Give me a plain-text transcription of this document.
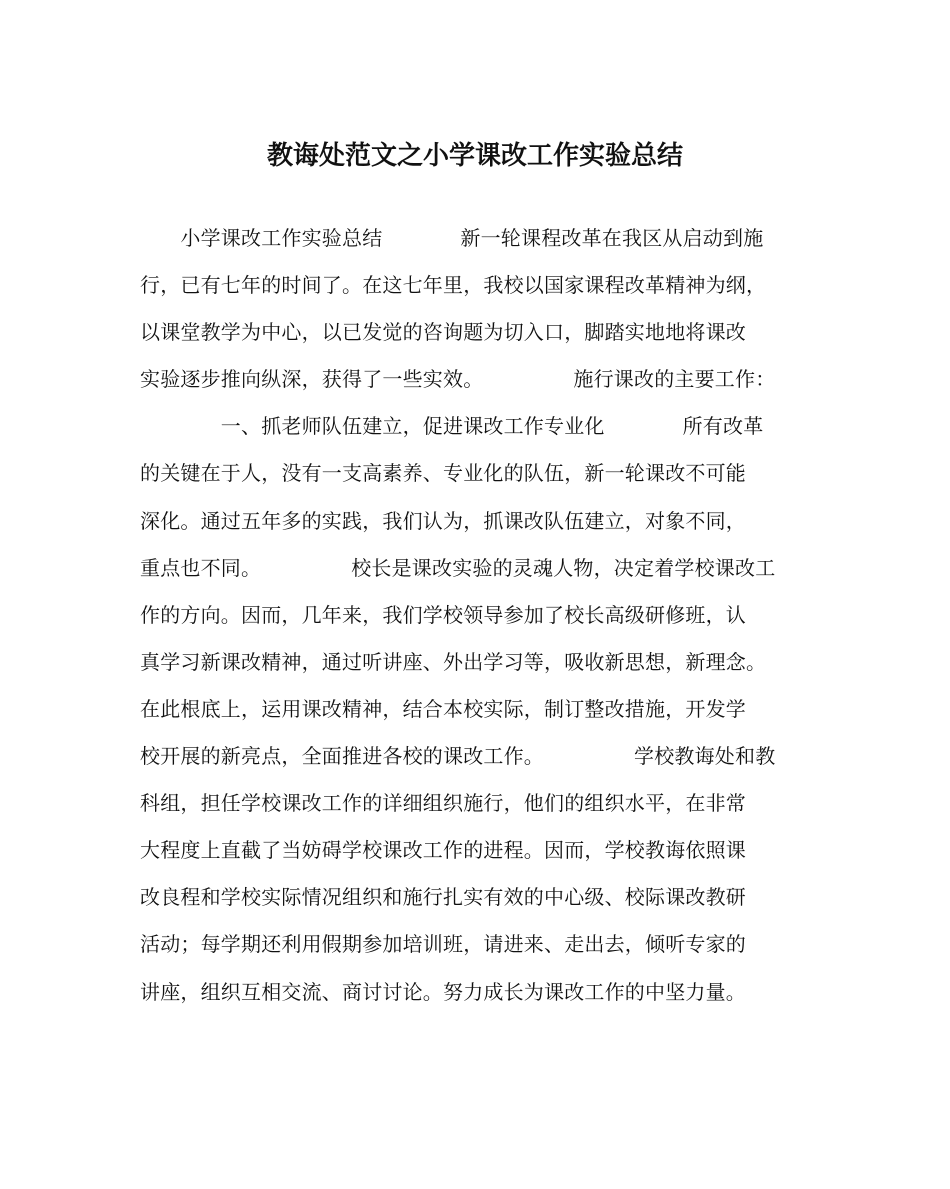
教诲处范文之小学课改工作实验总结
　　小学课改工作实验总结	新一轮课程改革在我区从启动到施
行，已有七年的时间了。在这七年里，我校以国家课程改革精神为纲，
以课堂教学为中心，以已发觉的咨询题为切入口，脚踏实地地将课改
实验逐步推向纵深，获得了一些实效。	施行课改的主要工作：
　　　　一、抓老师队伍建立，促进课改工作专业化	所有改革
的关键在于人，没有一支高素养、专业化的队伍，新一轮课改不可能
深化。通过五年多的实践，我们认为，抓课改队伍建立，对象不同，
重点也不同。	校长是课改实验的灵魂人物，决定着学校课改工
作的方向。因而，几年来，我们学校领导参加了校长高级研修班，认
真学习新课改精神，通过听讲座、外出学习等，吸收新思想，新理念。
在此根底上，运用课改精神，结合本校实际，制订整改措施，开发学
校开展的新亮点，全面推进各校的课改工作。	学校教诲处和教
科组，担任学校课改工作的详细组织施行，他们的组织水平，在非常
大程度上直截了当妨碍学校课改工作的进程。因而，学校教诲依照课
改良程和学校实际情况组织和施行扎实有效的中心级、校际课改教研
活动；每学期还利用假期参加培训班，请进来、走出去，倾听专家的
讲座，组织互相交流、商讨讨论。努力成长为课改工作的中坚力量。
